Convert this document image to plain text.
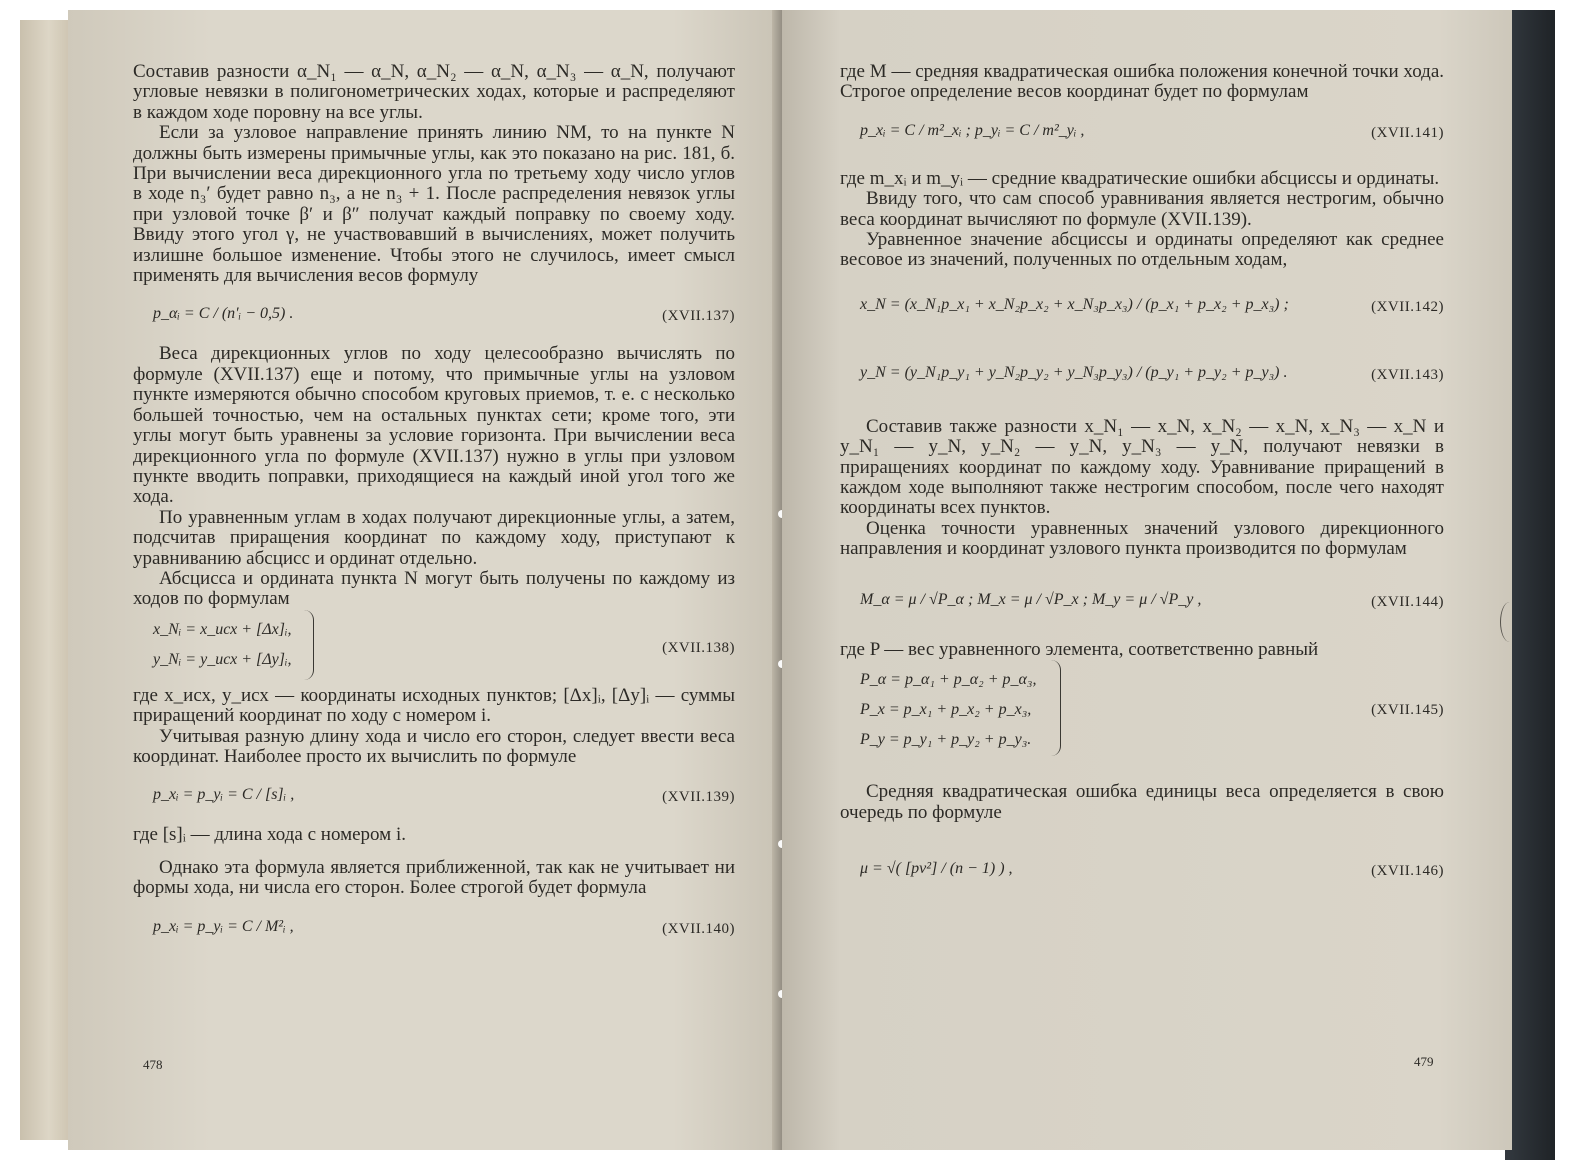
Составив разности α_N₁ — α_N, α_N₂ — α_N, α_N₃ — α_N, получают угловые невязки в полигонометрических ходах, которые и распределяют в каждом ходе поровну на все углы.

Если за узловое направление принять линию NM, то на пункте N должны быть измерены примычные углы, как это показано на рис. 181, б. При вычислении веса дирекционного угла по третьему ходу число углов в ходе n₃′ будет равно n₃, а не n₃ + 1. После распределения невязок углы при узловой точке β′ и β″ получат каждый поправку по своему ходу. Ввиду этого угол γ, не участвовавший в вычислениях, может получить излишне большое изменение. Чтобы этого не случилось, имеет смысл применять для вычисления весов формулу

p_αᵢ = C / (n′ᵢ − 0,5) .	(XVII.137)

Веса дирекционных углов по ходу целесообразно вычислять по формуле (XVII.137) еще и потому, что примычные углы на узловом пункте измеряются обычно способом круговых приемов, т. е. с несколько большей точностью, чем на остальных пунктах сети; кроме того, эти углы могут быть уравнены за условие горизонта. При вычислении веса дирекционного угла по формуле (XVII.137) нужно в углы при узловом пункте вводить поправки, приходящиеся на каждый иной угол того же хода.

По уравненным углам в ходах получают дирекционные углы, а затем, подсчитав приращения координат по каждому ходу, приступают к уравниванию абсцисс и ординат отдельно.

Абсцисса и ордината пункта N могут быть получены по каждому из ходов по формулам

x_Nᵢ = x_исх + [Δx]ᵢ,
y_Nᵢ = y_исх + [Δy]ᵢ,
(XVII.138)

где x_исх, y_исх — координаты исходных пунктов; [Δx]ᵢ, [Δy]ᵢ — суммы приращений координат по ходу с номером i.

Учитывая разную длину хода и число его сторон, следует ввести веса координат. Наиболее просто их вычислить по формуле

p_xᵢ = p_yᵢ = C / [s]ᵢ ,	(XVII.139)

где [s]ᵢ — длина хода с номером i.

Однако эта формула является приближенной, так как не учитывает ни формы хода, ни числа его сторон. Более строгой будет формула

p_xᵢ = p_yᵢ = C / M²ᵢ ,	(XVII.140)
478

где M — средняя квадратическая ошибка положения конечной точки хода. Строгое определение весов координат будет по формулам

p_xᵢ = C / m²_xᵢ ; p_yᵢ = C / m²_yᵢ ,	(XVII.141)

где m_xᵢ и m_yᵢ — средние квадратические ошибки абсциссы и ординаты.

Ввиду того, что сам способ уравнивания является нестрогим, обычно веса координат вычисляют по формуле (XVII.139).

Уравненное значение абсциссы и ординаты определяют как среднее весовое из значений, полученных по отдельным ходам,

x_N = (x_N₁p_x₁ + x_N₂p_x₂ + x_N₃p_x₃) / (p_x₁ + p_x₂ + p_x₃) ;	(XVII.142)
y_N = (y_N₁p_y₁ + y_N₂p_y₂ + y_N₃p_y₃) / (p_y₁ + p_y₂ + p_y₃) .	(XVII.143)

Составив также разности x_N₁ — x_N, x_N₂ — x_N, x_N₃ — x_N и y_N₁ — y_N, y_N₂ — y_N, y_N₃ — y_N, получают невязки в приращениях координат по каждому ходу. Уравнивание приращений в каждом ходе выполняют также нестрогим способом, после чего находят координаты всех пунктов.

Оценка точности уравненных значений узлового дирекционного направления и координат узлового пункта производится по формулам

M_α = μ / √P_α ; M_x = μ / √P_x ; M_y = μ / √P_y ,	(XVII.144)

где P — вес уравненного элемента, соответственно равный

P_α = p_α₁ + p_α₂ + p_α₃,
P_x = p_x₁ + p_x₂ + p_x₃,
P_y = p_y₁ + p_y₂ + p_y₃.
(XVII.145)

Средняя квадратическая ошибка единицы веса определяется в свою очередь по формуле

μ = √( [pv²] / (n − 1) ) ,	(XVII.146)
479
